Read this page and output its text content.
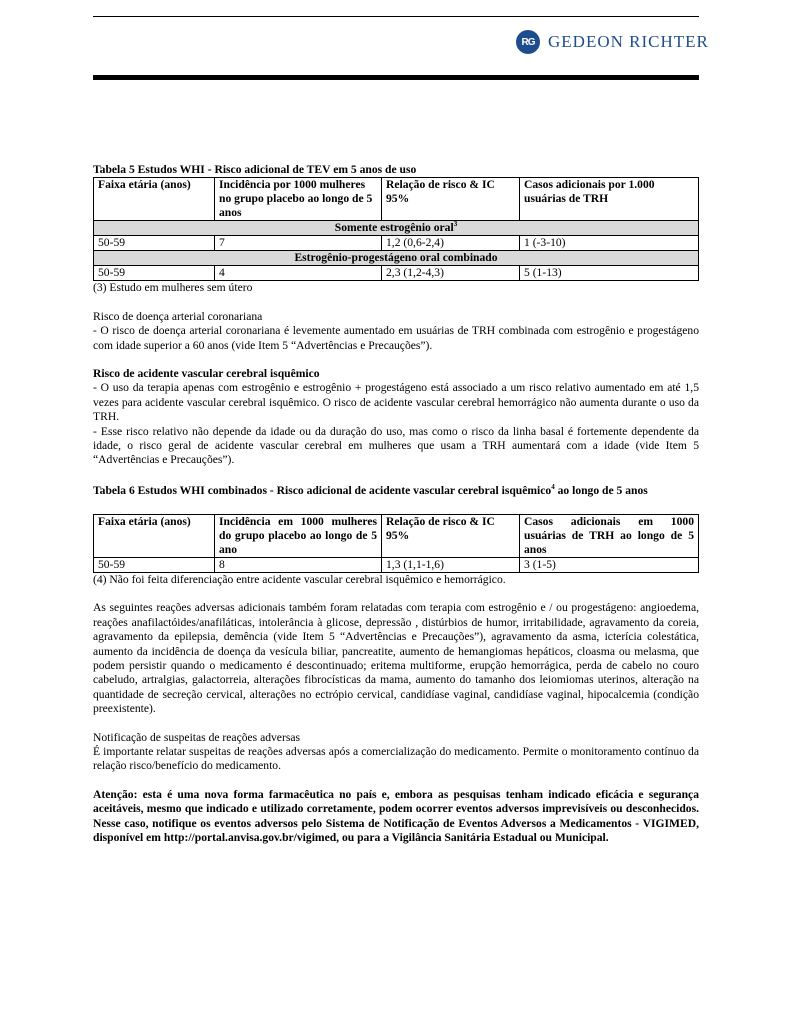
RG GEDEON RICHTER

Tabela 5 Estudos WHI - Risco adicional de TEV em 5 anos de uso

Faixa etária (anos)	Incidência por 1000 mulheres no grupo placebo ao longo de 5 anos	Relação de risco & IC 95%	Casos adicionais por 1.000 usuárias de TRH
Somente estrogênio oral$^3$
50-59	7	1,2 (0,6-2,4)	1 (-3-10)
Estrogênio-progestágeno oral combinado			
50-59	4	2,3 (1,2-4,3)	5 (1-13)

(3) Estudo em mulheres sem útero

Risco de doença arterial coronariana

- O risco de doença arterial coronariana é levemente aumentado em usuárias de TRH combinada com estrogênio e progestágeno com idade superior a 60 anos (vide Item 5 “Advertências e Precauções”).

Risco de acidente vascular cerebral isquêmico

- O uso da terapia apenas com estrogênio e estrogênio + progestágeno está associado a um risco relativo aumentado em até 1,5 vezes para acidente vascular cerebral isquêmico. O risco de acidente vascular cerebral hemorrágico não aumenta durante o uso da TRH.

- Esse risco relativo não depende da idade ou da duração do uso, mas como o risco da linha basal é fortemente dependente da idade, o risco geral de acidente vascular cerebral em mulheres que usam a TRH aumentará com a idade (vide Item 5 “Advertências e Precauções”).

Tabela 6 Estudos WHI combinados - Risco adicional de acidente vascular cerebral isquêmico$^4$ ao longo de 5 anos

Faixa etária (anos)	Incidência em 1000 mulheres do grupo placebo ao longo de 5 ano	Relação de risco & IC 95%	Casos adicionais em 1000 usuárias de TRH ao longo de 5 anos
50-59	8	1,3 (1,1-1,6)	3 (1-5)

(4) Não foi feita diferenciação entre acidente vascular cerebral isquêmico e hemorrágico.

As seguintes reações adversas adicionais também foram relatadas com terapia com estrogênio e / ou progestágeno: angioedema, reações anafilactóides/anafiláticas, intolerância à glicose, depressão , distúrbios de humor, irritabilidade, agravamento da coreia, agravamento da epilepsia, demência (vide Item 5 “Advertências e Precauções”), agravamento da asma, icterícia colestática, aumento da incidência de doença da vesícula biliar, pancreatite, aumento de hemangiomas hepáticos, cloasma ou melasma, que podem persistir quando o medicamento é descontinuado; eritema multiforme, erupção hemorrágica, perda de cabelo no couro cabeludo, artralgias, galactorreia, alterações fibrocísticas da mama, aumento do tamanho dos leiomiomas uterinos, alteração na quantidade de secreção cervical, alterações no ectrópio cervical, candidíase vaginal, candidíase vaginal, hipocalcemia (condição preexistente).

Notificação de suspeitas de reações adversas

É importante relatar suspeitas de reações adversas após a comercialização do medicamento. Permite o monitoramento contínuo da relação risco/benefício do medicamento.

Atenção: esta é uma nova forma farmacêutica no país e, embora as pesquisas tenham indicado eficácia e segurança aceitáveis, mesmo que indicado e utilizado corretamente, podem ocorrer eventos adversos imprevisíveis ou desconhecidos. Nesse caso, notifique os eventos adversos pelo Sistema de Notificação de Eventos Adversos a Medicamentos - VIGIMED, disponível em http://portal.anvisa.gov.br/vigimed, ou para a Vigilância Sanitária Estadual ou Municipal.
